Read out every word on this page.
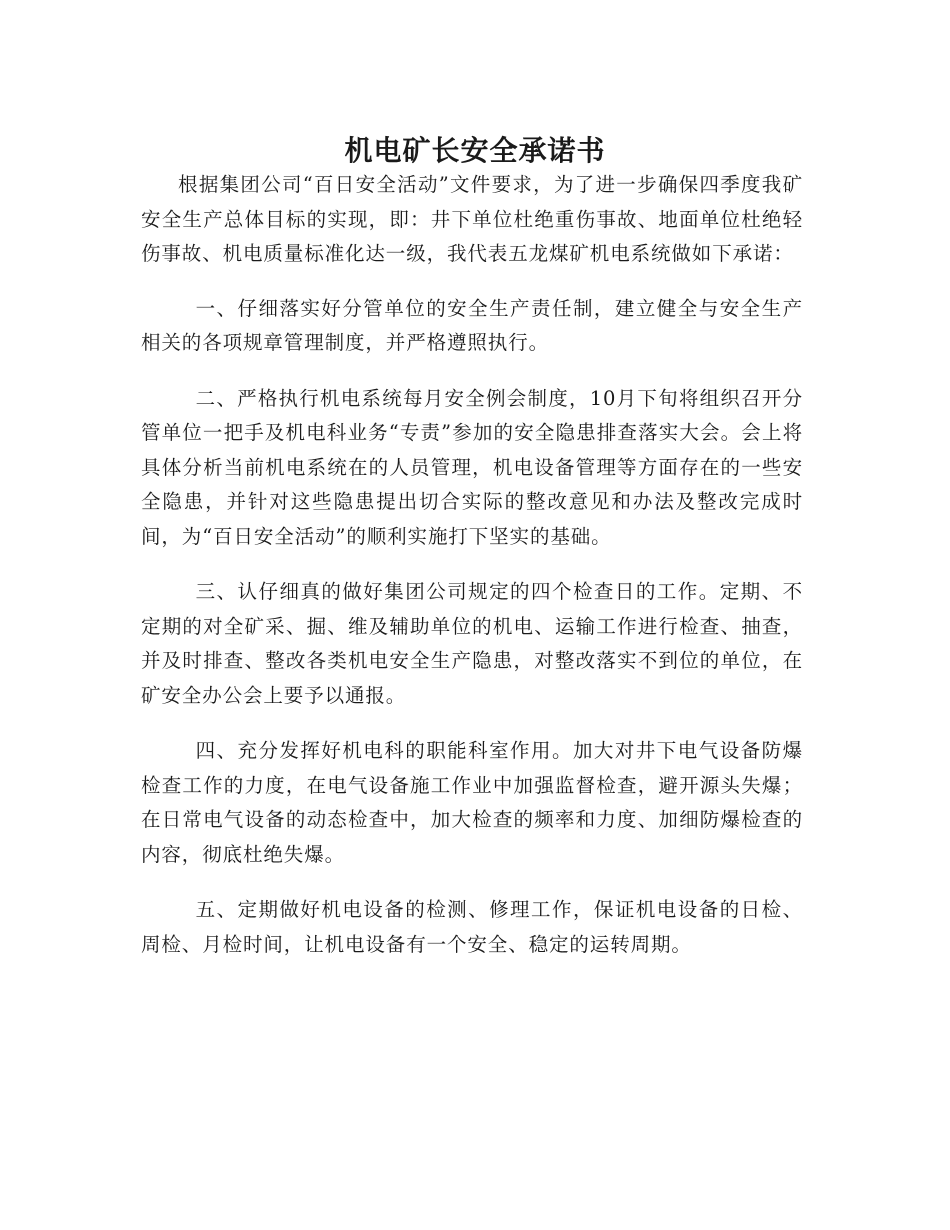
机电矿长安全承诺书

根据集团公司“百日安全活动”文件要求，为了进一步确保四季度我矿安全生产总体目标的实现，即：井下单位杜绝重伤事故、地面单位杜绝轻伤事故、机电质量标准化达一级，我代表五龙煤矿机电系统做如下承诺：

一、仔细落实好分管单位的安全生产责任制，建立健全与安全生产相关的各项规章管理制度，并严格遵照执行。

二、严格执行机电系统每月安全例会制度，10月下旬将组织召开分管单位一把手及机电科业务“专责”参加的安全隐患排查落实大会。会上将具体分析当前机电系统在的人员管理，机电设备管理等方面存在的一些安全隐患，并针对这些隐患提出切合实际的整改意见和办法及整改完成时间，为“百日安全活动”的顺利实施打下坚实的基础。

三、认仔细真的做好集团公司规定的四个检查日的工作。定期、不定期的对全矿采、掘、维及辅助单位的机电、运输工作进行检查、抽查，并及时排查、整改各类机电安全生产隐患，对整改落实不到位的单位，在矿安全办公会上要予以通报。

四、充分发挥好机电科的职能科室作用。加大对井下电气设备防爆检查工作的力度，在电气设备施工作业中加强监督检查，避开源头失爆；在日常电气设备的动态检查中，加大检查的频率和力度、加细防爆检查的内容，彻底杜绝失爆。

五、定期做好机电设备的检测、修理工作，保证机电设备的日检、周检、月检时间，让机电设备有一个安全、稳定的运转周期。
